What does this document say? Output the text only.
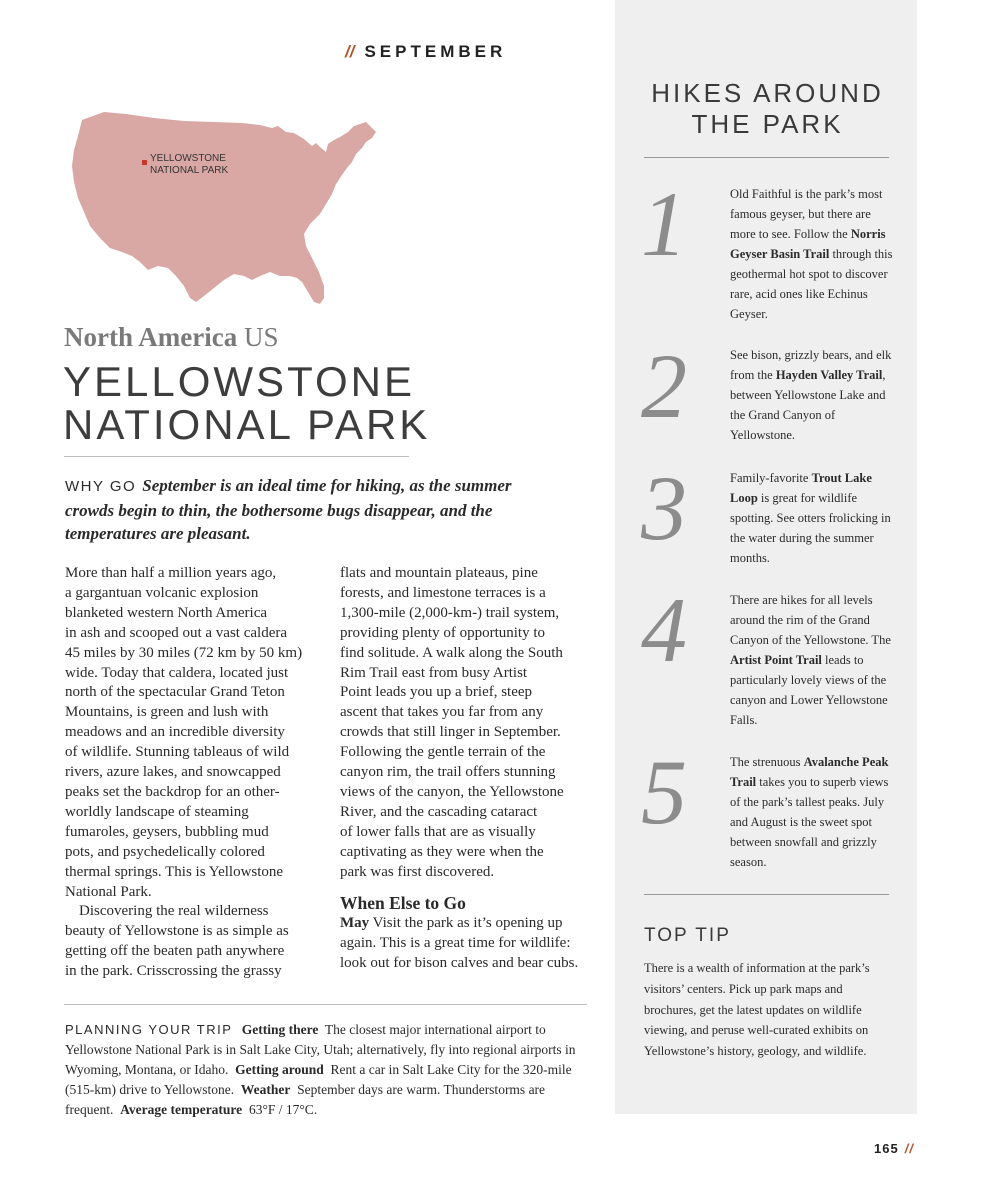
// SEPTEMBER
YELLOWSTONE
NATIONAL PARK
North America US
YELLOWSTONE
NATIONAL PARK
WHY GO September is an ideal time for hiking, as the summer crowds begin to thin, the bothersome bugs disappear, and the temperatures are pleasant.

More than half a million years ago,
a gargantuan volcanic explosion
blanketed western North America
in ash and scooped out a vast caldera
45 miles by 30 miles (72 km by 50 km)
wide. Today that caldera, located just
north of the spectacular Grand Teton
Mountains, is green and lush with
meadows and an incredible diversity
of wildlife. Stunning tableaus of wild
rivers, azure lakes, and snowcapped
peaks set the backdrop for an other-
worldly landscape of steaming
fumaroles, geysers, bubbling mud
pots, and psychedelically colored
thermal springs. This is Yellowstone
National Park.

Discovering the real wilderness
beauty of Yellowstone is as simple as
getting off the beaten path anywhere
in the park. Crisscrossing the grassy

flats and mountain plateaus, pine
forests, and limestone terraces is a
1,300-mile (2,000-km-) trail system,
providing plenty of opportunity to
find solitude. A walk along the South
Rim Trail east from busy Artist
Point leads you up a brief, steep
ascent that takes you far from any
crowds that still linger in September.
Following the gentle terrain of the
canyon rim, the trail offers stunning
views of the canyon, the Yellowstone
River, and the cascading cataract
of lower falls that are as visually
captivating as they were when the
park was first discovered.

When Else to Go

May Visit the park as it’s opening up
again. This is a great time for wildlife:
look out for bison calves and bear cubs.

PLANNING YOUR TRIP Getting there The closest major international airport to Yellowstone National Park is in Salt Lake City, Utah; alternatively, fly into regional airports in Wyoming, Montana, or Idaho. Getting around Rent a car in Salt Lake City for the 320-mile (515-km) drive to Yellowstone. Weather September days are warm. Thunderstorms are frequent. Average temperature 63°F / 17°C.
HIKES AROUND
THE PARK
1	Old Faithful is the park’s most famous geyser, but there are more to see. Follow the Norris Geyser Basin Trail through this geothermal hot spot to discover rare, acid ones like Echinus Geyser.
2	See bison, grizzly bears, and elk from the Hayden Valley Trail, between Yellowstone Lake and the Grand Canyon of Yellowstone.
3	Family-favorite Trout Lake Loop is great for wildlife spotting. See otters frolicking in the water during the summer months.
4	There are hikes for all levels around the rim of the Grand Canyon of the Yellowstone. The Artist Point Trail leads to particularly lovely views of the canyon and Lower Yellowstone Falls.
5	The strenuous Avalanche Peak Trail takes you to superb views of the park’s tallest peaks. July and August is the sweet spot between snowfall and grizzly season.
TOP TIP
There is a wealth of information at the park’s visitors’ centers. Pick up park maps and brochures, get the latest updates on wildlife viewing, and peruse well-curated exhibits on Yellowstone’s history, geology, and wildlife.
165 //
